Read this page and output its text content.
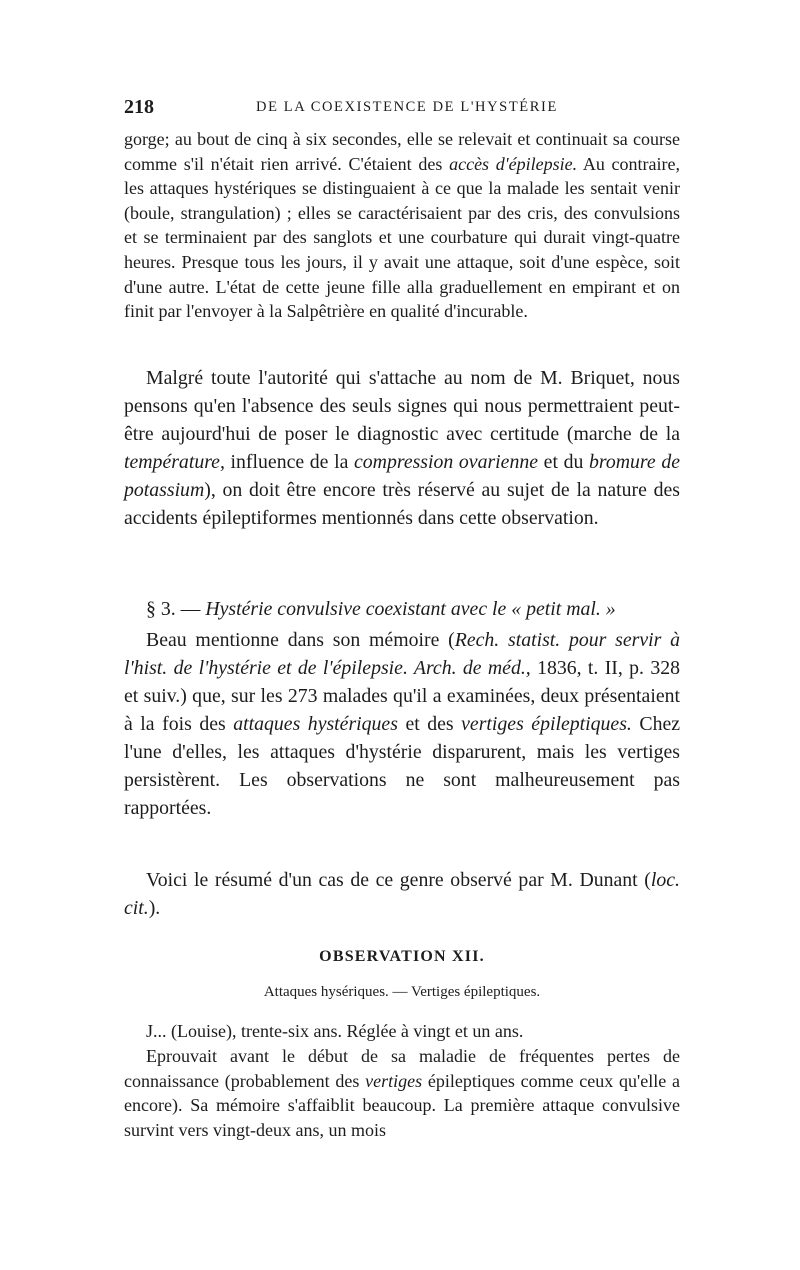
218	DE LA COEXISTENCE DE L'HYSTÉRIE

gorge; au bout de cinq à six secondes, elle se relevait et continuait sa course comme s'il n'était rien arrivé. C'étaient des accès d'épilepsie. Au contraire, les attaques hystériques se distinguaient à ce que la malade les sentait venir (boule, strangulation) ; elles se caractérisaient par des cris, des convulsions et se terminaient par des sanglots et une courbature qui durait vingt-quatre heures. Presque tous les jours, il y avait une attaque, soit d'une espèce, soit d'une autre. L'état de cette jeune fille alla graduellement en empirant et on finit par l'envoyer à la Salpêtrière en qualité d'incurable.

Malgré toute l'autorité qui s'attache au nom de M. Briquet, nous pensons qu'en l'absence des seuls signes qui nous permettraient peut-être aujourd'hui de poser le diagnostic avec certitude (marche de la température, influence de la compression ovarienne et du bromure de potassium), on doit être encore très réservé au sujet de la nature des accidents épileptiformes mentionnés dans cette observation.

§ 3. — Hystérie convulsive coexistant avec le « petit mal. »

Beau mentionne dans son mémoire (Rech. statist. pour servir à l'hist. de l'hystérie et de l'épilepsie. Arch. de méd., 1836, t. II, p. 328 et suiv.) que, sur les 273 malades qu'il a examinées, deux présentaient à la fois des attaques hystériques et des vertiges épileptiques. Chez l'une d'elles, les attaques d'hystérie disparurent, mais les vertiges persistèrent. Les observations ne sont malheureusement pas rapportées.

Voici le résumé d'un cas de ce genre observé par M. Dunant (loc. cit.).

OBSERVATION XII.

Attaques hysériques. — Vertiges épileptiques.

J... (Louise), trente-six ans. Réglée à vingt et un ans.

Eprouvait avant le début de sa maladie de fréquentes pertes de connaissance (probablement des vertiges épileptiques comme ceux qu'elle a encore). Sa mémoire s'affaiblit beaucoup. La première attaque convulsive survint vers vingt-deux ans, un mois
